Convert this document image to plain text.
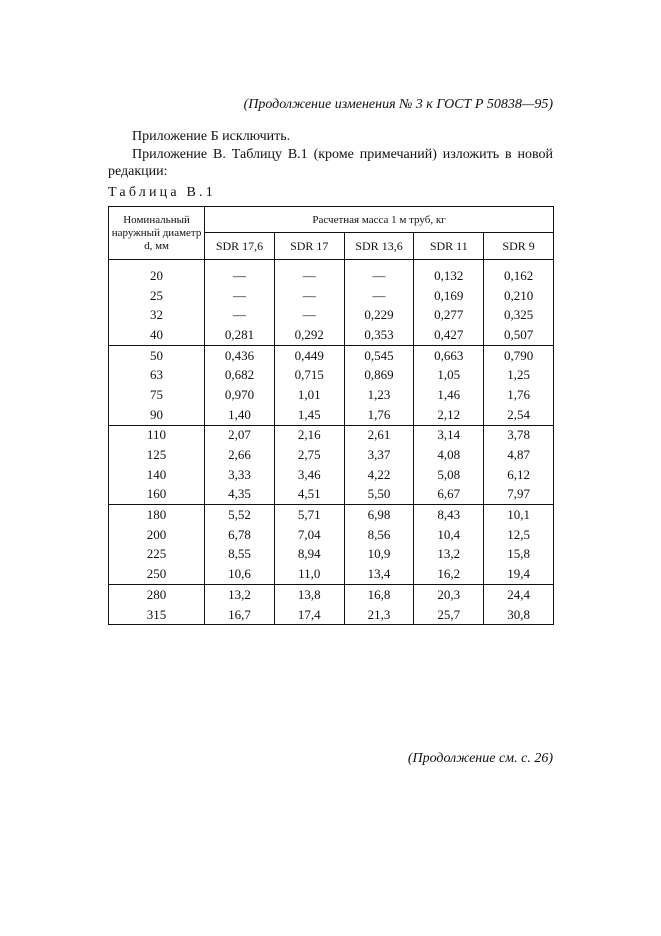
(Продолжение изменения № 3 к ГОСТ Р 50838—95)
Приложение Б исключить.
Приложение В. Таблицу В.1 (кроме примечаний) изложить в новой редакции:
Таблица В.1
Номинальный наружный диаметр d, мм	Расчетная масса 1 м труб, кг				
	SDR 17,6	SDR 17	SDR 13,6	SDR 11	SDR 9
20	—	—	—	0,132	0,162
25	—	—	—	0,169	0,210
32	—	—	0,229	0,277	0,325
40	0,281	0,292	0,353	0,427	0,507
50	0,436	0,449	0,545	0,663	0,790
63	0,682	0,715	0,869	1,05	1,25
75	0,970	1,01	1,23	1,46	1,76
90	1,40	1,45	1,76	2,12	2,54
110	2,07	2,16	2,61	3,14	3,78
125	2,66	2,75	3,37	4,08	4,87
140	3,33	3,46	4,22	5,08	6,12
160	4,35	4,51	5,50	6,67	7,97
180	5,52	5,71	6,98	8,43	10,1
200	6,78	7,04	8,56	10,4	12,5
225	8,55	8,94	10,9	13,2	15,8
250	10,6	11,0	13,4	16,2	19,4
280	13,2	13,8	16,8	20,3	24,4
315	16,7	17,4	21,3	25,7	30,8
(Продолжение см. с. 26)
